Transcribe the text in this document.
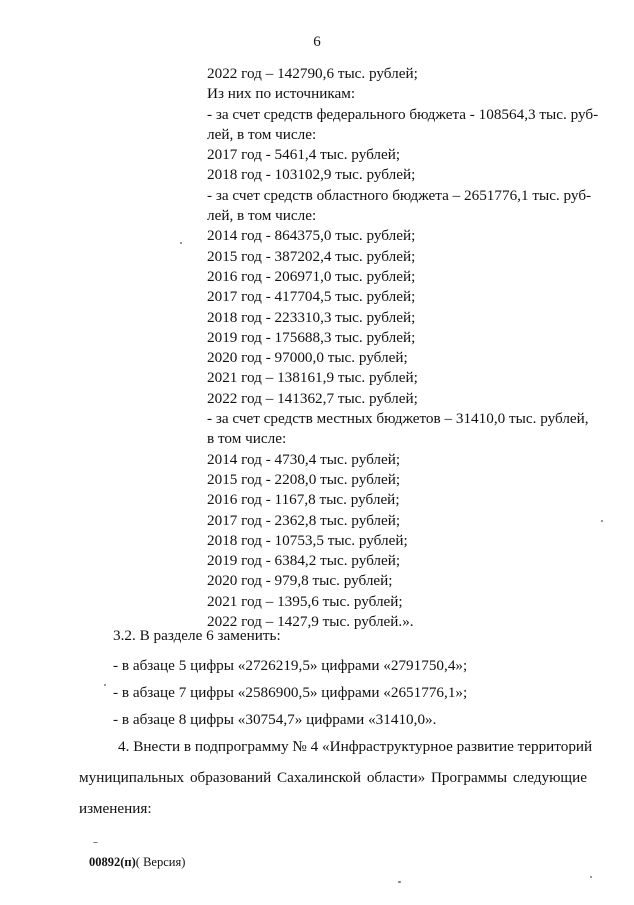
6
2022 год – 142790,6 тыс. рублей;
Из них по источникам:
- за счет средств федерального бюджета - 108564,3 тыс. руб-
лей, в том числе:
2017 год - 5461,4 тыс. рублей;
2018 год - 103102,9 тыс. рублей;
- за счет средств областного бюджета – 2651776,1 тыс. руб-
лей, в том числе:
2014 год - 864375,0 тыс. рублей;
2015 год - 387202,4 тыс. рублей;
2016 год - 206971,0 тыс. рублей;
2017 год - 417704,5 тыс. рублей;
2018 год - 223310,3 тыс. рублей;
2019 год - 175688,3 тыс. рублей;
2020 год - 97000,0 тыс. рублей;
2021 год – 138161,9 тыс. рублей;
2022 год – 141362,7 тыс. рублей;
- за счет средств местных бюджетов – 31410,0 тыс. рублей,
в том числе:
2014 год - 4730,4 тыс. рублей;
2015 год - 2208,0 тыс. рублей;
2016 год - 1167,8 тыс. рублей;
2017 год - 2362,8 тыс. рублей;
2018 год - 10753,5 тыс. рублей;
2019 год - 6384,2 тыс. рублей;
2020 год - 979,8 тыс. рублей;
2021 год – 1395,6 тыс. рублей;
2022 год – 1427,9 тыс. рублей.».
3.2. В разделе 6 заменить:
- в абзаце 5 цифры «2726219,5» цифрами «2791750,4»;
- в абзаце 7 цифры «2586900,5» цифрами «2651776,1»;
- в абзаце 8 цифры «30754,7» цифрами «31410,0».
4. Внести в подпрограмму № 4 «Инфраструктурное развитие территорий
муниципальных образований Сахалинской области» Программы следующие
изменения:
00892(п)( Версия)
